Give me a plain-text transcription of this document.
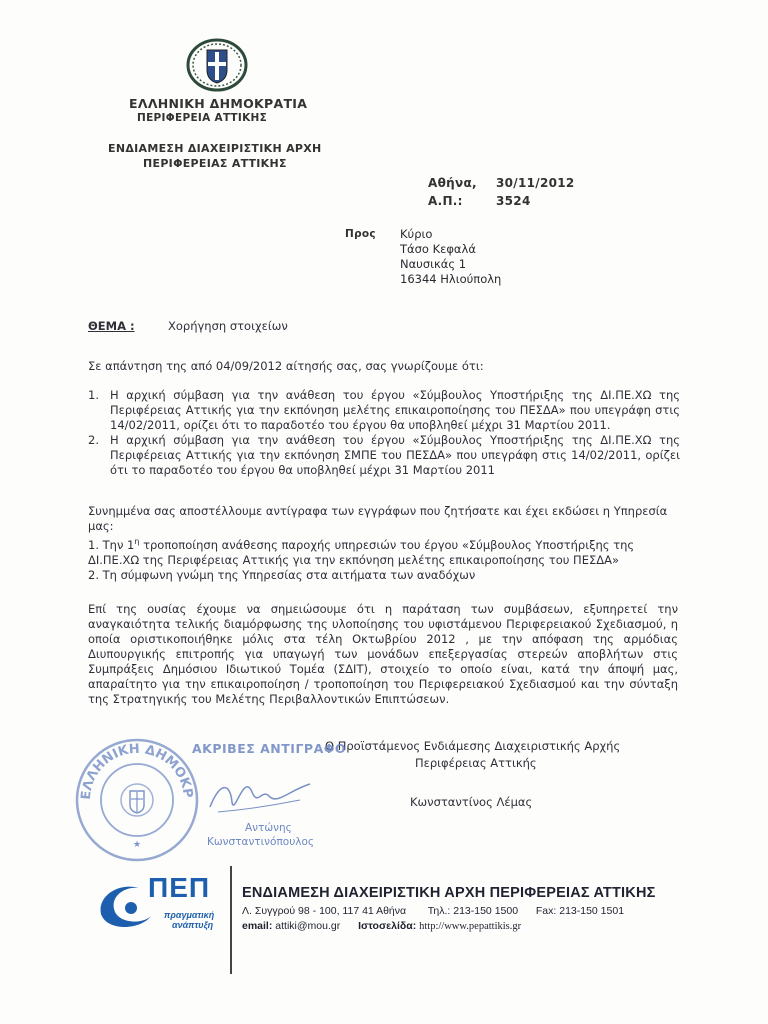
ΕΛΛΗΝΙΚΗ ΔΗΜΟΚΡΑΤΙΑ
ΠΕΡΙΦΕΡΕΙΑ ΑΤΤΙΚΗΣ
ΕΝΔΙΑΜΕΣΗ ΔΙΑΧΕΙΡΙΣΤΙΚΗ ΑΡΧΗ
ΠΕΡΙΦΕΡΕΙΑΣ ΑΤΤΙΚΗΣ
Αθήνα, 30/11/2012
Α.Π.:	3524
Προς Κύριο
Τάσο Κεφαλά
Ναυσικάς 1
16344 Ηλιούπολη
ΘΕΜΑ :	Χορήγηση στοιχείων
Σε απάντηση της από 04/09/2012 αίτησής σας, σας γνωρίζουμε ότι:
1. Η αρχική σύμβαση για την ανάθεση του έργου «Σύμβουλος Υποστήριξης της ΔΙ.ΠΕ.ΧΩ της Περιφέρειας Αττικής για την εκπόνηση μελέτης επικαιροποίησης του ΠΕΣΔΑ» που υπεγράφη στις 14/02/2011, ορίζει ότι το παραδοτέο του έργου θα υποβληθεί μέχρι 31 Μαρτίου 2011.
2. Η αρχική σύμβαση για την ανάθεση του έργου «Σύμβουλος Υποστήριξης της ΔΙ.ΠΕ.ΧΩ της Περιφέρειας Αττικής για την εκπόνηση ΣΜΠΕ του ΠΕΣΔΑ» που υπεγράφη στις 14/02/2011, ορίζει ότι το παραδοτέο του έργου θα υποβληθεί μέχρι 31 Μαρτίου 2011
Συνημμένα σας αποστέλλουμε αντίγραφα των εγγράφων που ζητήσατε και έχει εκδώσει η Υπηρεσία μας:
1. Την $1^\eta$ τροποποίηση ανάθεσης παροχής υπηρεσιών του έργου «Σύμβουλος Υποστήριξης της ΔΙ.ΠΕ.ΧΩ της Περιφέρειας Αττικής για την εκπόνηση μελέτης επικαιροποίησης του ΠΕΣΔΑ»
2. Τη σύμφωνη γνώμη της Υπηρεσίας στα αιτήματα των αναδόχων
Επί της ουσίας έχουμε να σημειώσουμε ότι η παράταση των συμβάσεων, εξυπηρετεί την αναγκαιότητα τελικής διαμόρφωσης της υλοποίησης του υφιστάμενου Περιφερειακού Σχεδιασμού, η οποία οριστικοποιήθηκε μόλις στα τέλη Οκτωβρίου 2012 , με την απόφαση της αρμόδιας Διυπουργικής επιτροπής για υπαγωγή των μονάδων επεξεργασίας στερεών αποβλήτων στις Συμπράξεις Δημόσιου Ιδιωτικού Τομέα (ΣΔΙΤ), στοιχείο το οποίο είναι, κατά την άποψή μας, απαραίτητο για την επικαιροποίηση / τροποποίηση του Περιφερειακού Σχεδιασμού και την σύνταξη της Στρατηγικής του Μελέτης Περιβαλλοντικών Επιπτώσεων.
Ο Προϊστάμενος Ενδιάμεσης Διαχειριστικής Αρχής
Περιφέρειας Αττικής
Κωνσταντίνος Λέμας
ΕΛΛΗΝΙΚΗ ΔΗΜΟΚΡ
★
ΑΚΡΙΒΕΣ ΑΝΤΙΓΡΑΦΟ
Αντώνης
Κωνσταντινόπουλος
ΠΕΠ
πραγματική
ανάπτυξη
ΕΝΔΙΑΜΕΣΗ ΔΙΑΧΕΙΡΙΣΤΙΚΗ ΑΡΧΗ ΠΕΡΙΦΕΡΕΙΑΣ ΑΤΤΙΚΗΣ
Λ. Συγγρού 98 - 100, 117 41 Αθήνα Τηλ.: 213-150 1500 Fax: 213-150 1501
email: attiki@mou.gr Ιστοσελίδα: http://www.pepattikis.gr
